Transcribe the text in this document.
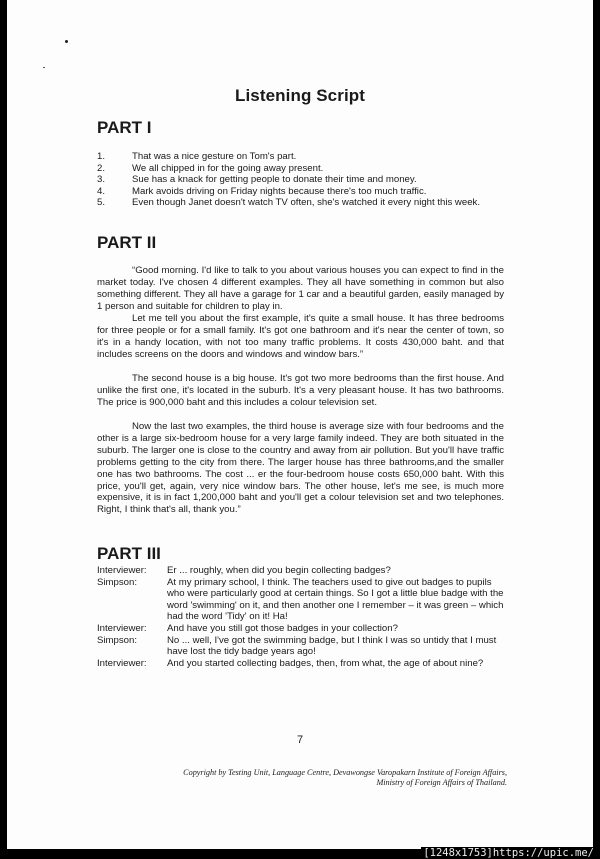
Listening Script
PART I
1.	That was a nice gesture on Tom's part.
2.	We all chipped in for the going away present.
3.	Sue has a knack for getting people to donate their time and money.
4.	Mark avoids driving on Friday nights because there's too much traffic.
5.	Even though Janet doesn't watch TV often, she's watched it every night this week.
PART II

“Good morning. I'd like to talk to you about various houses you can expect to find in the market today. I've chosen 4 different examples. They all have something in common but also something different. They all have a garage for 1 car and a beautiful garden, easily managed by 1 person and suitable for children to play in.

Let me tell you about the first example, it's quite a small house. It has three bedrooms for three people or for a small family. It's got one bathroom and it's near the center of town, so it's in a handy location, with not too many traffic problems. It costs 430,000 baht. and that includes screens on the doors and windows and window bars.”

The second house is a big house. It's got two more bedrooms than the first house. And unlike the first one, it's located in the suburb. It's a very pleasant house. It has two bathrooms. The price is 900,000 baht and this includes a colour television set.

Now the last two examples, the third house is average size with four bedrooms and the other is a large six-bedroom house for a very large family indeed. They are both situated in the suburb. The larger one is close to the country and away from air pollution. But you'll have traffic problems getting to the city from there. The larger house has three bathrooms,and the smaller one has two bathrooms. The cost ... er the four-bedroom house costs 650,000 baht. With this price, you'll get, again, very nice window bars. The other house, let's me see, is much more expensive, it is in fact 1,200,000 baht and you'll get a colour television set and two telephones. Right, I think that's all, thank you.”

PART III
Interviewer:	Er ... roughly, when did you begin collecting badges?
Simpson:	At my primary school, I think. The teachers used to give out badges to pupils who were particularly good at certain things. So I got a little blue badge with the word 'swimming' on it, and then another one I remember – it was green – which had the word 'Tidy' on it! Ha!
Interviewer:	And have you still got those badges in your collection?
Simpson:	No ... well, I've got the swimming badge, but I think I was so untidy that I must have lost the tidy badge years ago!
Interviewer:	And you started collecting badges, then, from what, the age of about nine?
7
Copyright by Testing Unit, Language Centre, Devawongse Varopakarn Institute of Foreign Affairs,
Ministry of Foreign Affairs of Thailand.
[1248x1753]https://upic.me/
